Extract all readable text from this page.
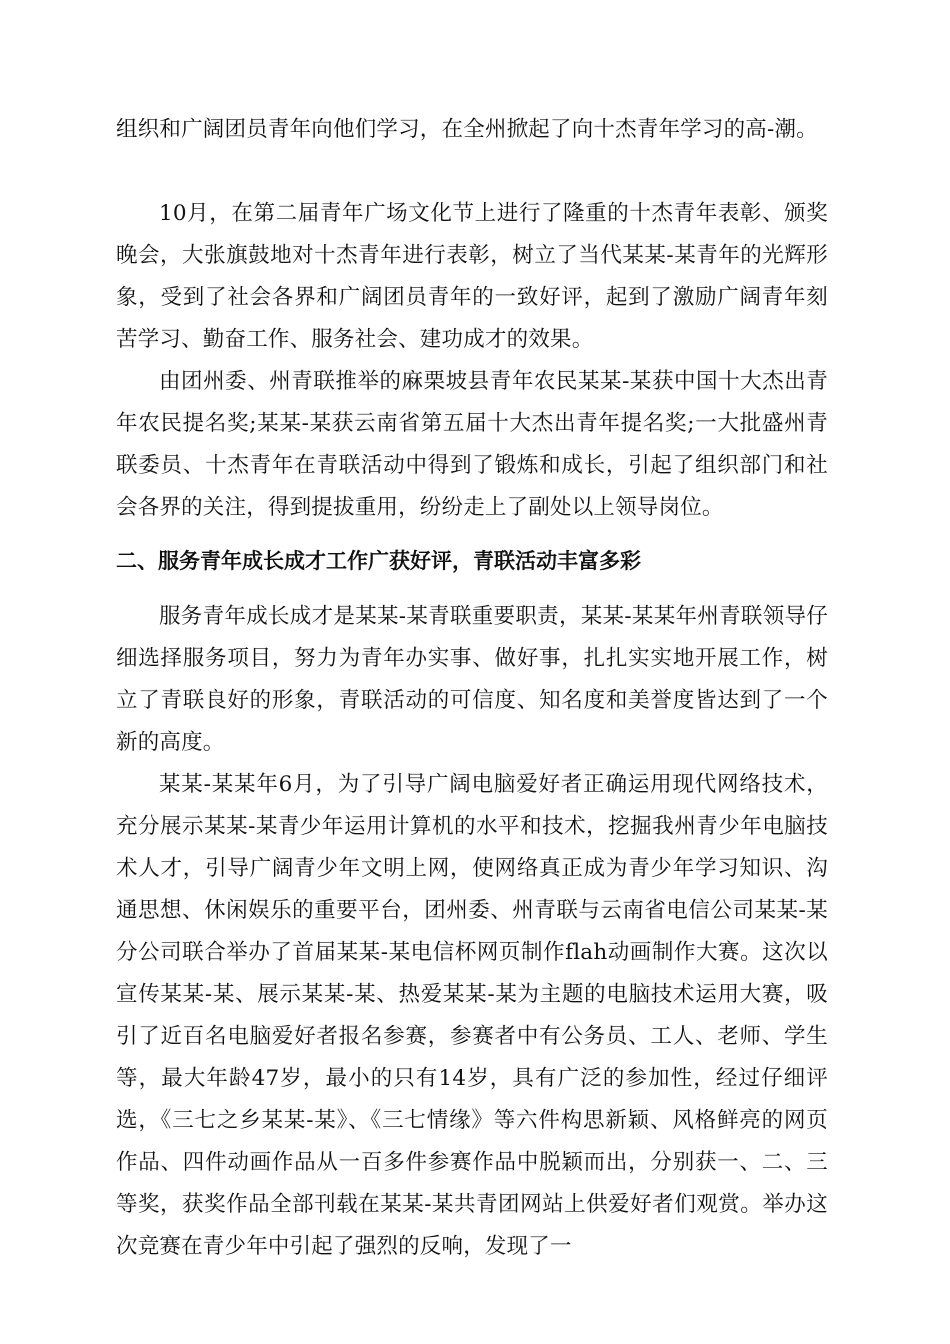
组织和广阔团员青年向他们学习，在全州掀起了向十杰青年学习的高-潮。

10月，在第二届青年广场文化节上进行了隆重的十杰青年表彰、颁奖晚会，大张旗鼓地对十杰青年进行表彰，树立了当代某某-某青年的光辉形象，受到了社会各界和广阔团员青年的一致好评，起到了激励广阔青年刻苦学习、勤奋工作、服务社会、建功成才的效果。

由团州委、州青联推举的麻栗坡县青年农民某某-某获中国十大杰出青年农民提名奖;某某-某获云南省第五届十大杰出青年提名奖;一大批盛州青联委员、十杰青年在青联活动中得到了锻炼和成长，引起了组织部门和社会各界的关注，得到提拔重用，纷纷走上了副处以上领导岗位。

二、服务青年成长成才工作广获好评，青联活动丰富多彩

服务青年成长成才是某某-某青联重要职责，某某-某某年州青联领导仔细选择服务项目，努力为青年办实事、做好事，扎扎实实地开展工作，树立了青联良好的形象，青联活动的可信度、知名度和美誉度皆达到了一个新的高度。

某某-某某年6月，为了引导广阔电脑爱好者正确运用现代网络技术，充分展示某某-某青少年运用计算机的水平和技术，挖掘我州青少年电脑技术人才，引导广阔青少年文明上网，使网络真正成为青少年学习知识、沟通思想、休闲娱乐的重要平台，团州委、州青联与云南省电信公司某某-某分公司联合举办了首届某某-某电信杯网页制作flah动画制作大赛。这次以宣传某某-某、展示某某-某、热爱某某-某为主题的电脑技术运用大赛，吸引了近百名电脑爱好者报名参赛，参赛者中有公务员、工人、老师、学生等，最大年龄47岁，最小的只有14岁，具有广泛的参加性，经过仔细评选，《三七之乡某某-某》、《三七情缘》等六件构思新颖、风格鲜亮的网页作品、四件动画作品从一百多件参赛作品中脱颖而出，分别获一、二、三等奖，获奖作品全部刊载在某某-某共青团网站上供爱好者们观赏。举办这次竞赛在青少年中引起了强烈的反响，发现了一
